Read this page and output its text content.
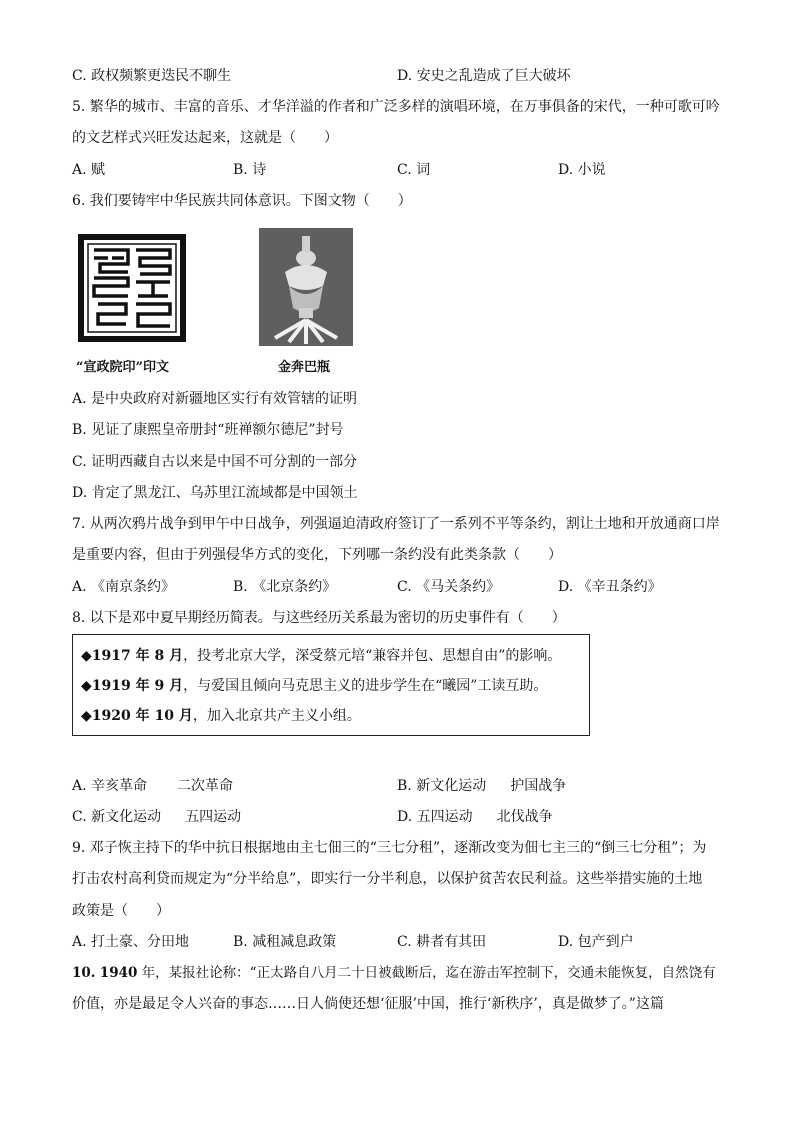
C. 政权频繁更迭民不聊生	D. 安史之乱造成了巨大破坏
5. 繁华的城市、丰富的音乐、才华洋溢的作者和广泛多样的演唱环境，在万事俱备的宋代，一种可歌可吟
的文艺样式兴旺发达起来，这就是（　　）
A. 赋	B. 诗	C. 词	D. 小说
6. 我们要铸牢中华民族共同体意识。下图文物（　　）
“宣政院印”印文	金奔巴瓶
A. 是中央政府对新疆地区实行有效管辖的证明
B. 见证了康熙皇帝册封“班禅额尔德尼”封号
C. 证明西藏自古以来是中国不可分割的一部分
D. 肯定了黑龙江、乌苏里江流域都是中国领土
7. 从两次鸦片战争到甲午中日战争，列强逼迫清政府签订了一系列不平等条约，割让土地和开放通商口岸
是重要内容，但由于列强侵华方式的变化，下列哪一条约没有此类条款（　　）
A. 《南京条约》	B. 《北京条约》	C. 《马关条约》	D. 《辛丑条约》
8. 以下是邓中夏早期经历简表。与这些经历关系最为密切的历史事件有（　　）
◆1917 年 8 月，投考北京大学，深受蔡元培“兼容并包、思想自由”的影响。
◆1919 年 9 月，与爱国且倾向马克思主义的进步学生在“曦园”工读互助。
◆1920 年 10 月，加入北京共产主义小组。
A. 辛亥革命 二次革命	B. 新文化运动 护国战争
C. 新文化运动 五四运动	D. 五四运动 北伐战争
9. 邓子恢主持下的华中抗日根据地由主七佃三的“三七分租”，逐渐改变为佃七主三的“倒三七分租”；为
打击农村高利贷而规定为“分半给息”，即实行一分半利息，以保护贫苦农民利益。这些举措实施的土地
政策是（　　）
A. 打土豪、分田地	B. 减租减息政策	C. 耕者有其田	D. 包产到户
10. 1940 年，某报社论称：“正太路自八月二十日被截断后，迄在游击军控制下，交通未能恢复，自然饶有
价值，亦是最足令人兴奋的事态……日人倘使还想‘征服’中国，推行‘新秩序’，真是做梦了。”这篇
